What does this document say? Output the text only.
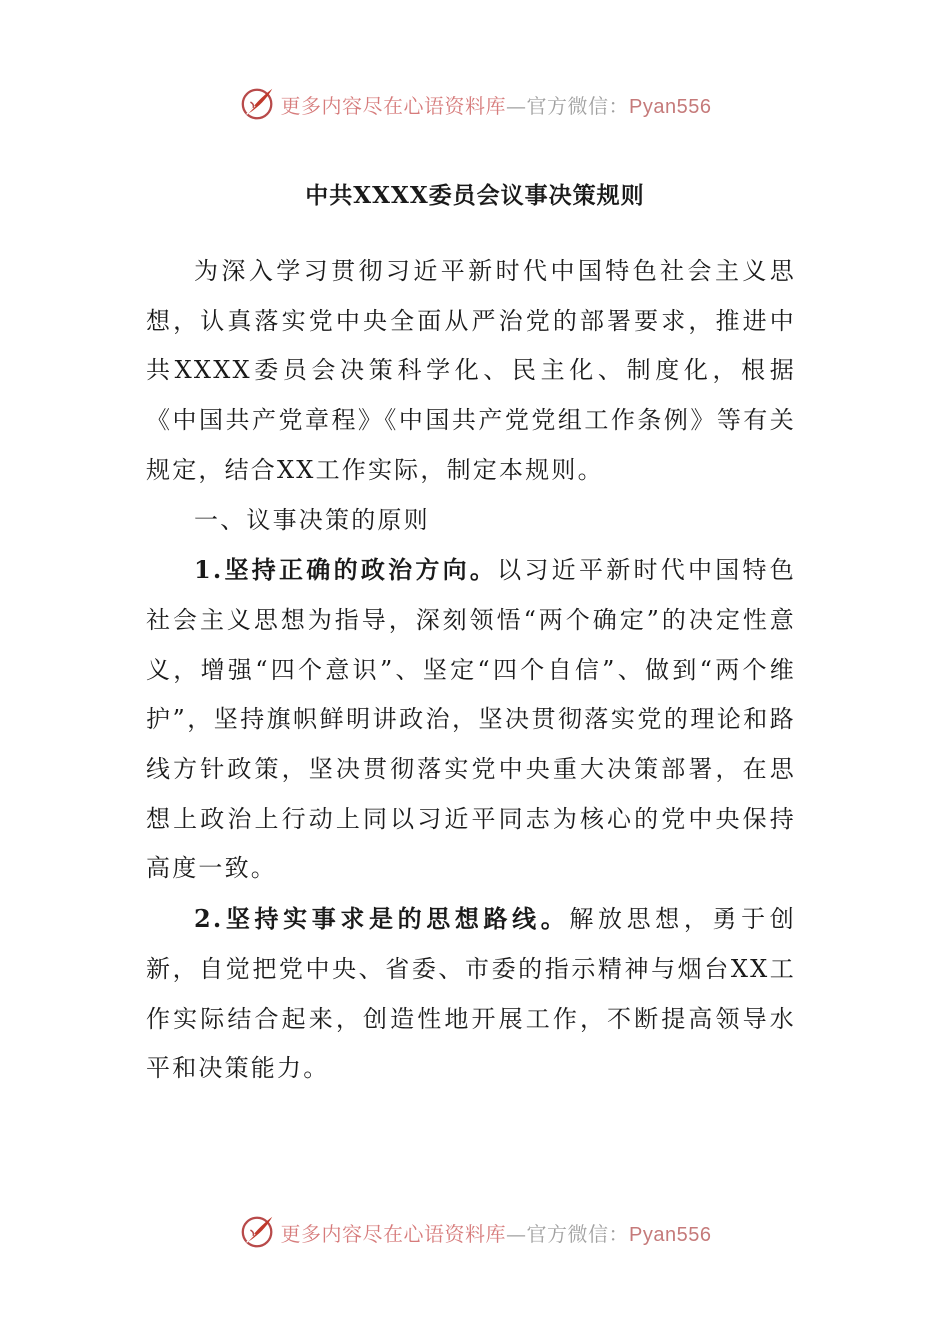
更多内容尽在心语资料库—官方微信：Pyan556
中共XXXX委员会议事决策规则

为深入学习贯彻习近平新时代中国特色社会主义思想，认真落实党中央全面从严治党的部署要求，推进中共XXXX委员会决策科学化、民主化、制度化，根据《中国共产党章程》《中国共产党党组工作条例》等有关规定，结合XX工作实际，制定本规则。

一、议事决策的原则

1.坚持正确的政治方向。以习近平新时代中国特色社会主义思想为指导，深刻领悟“两个确定”的决定性意义，增强“四个意识”、坚定“四个自信”、做到“两个维护”，坚持旗帜鲜明讲政治，坚决贯彻落实党的理论和路线方针政策，坚决贯彻落实党中央重大决策部署，在思想上政治上行动上同以习近平同志为核心的党中央保持高度一致。

2.坚持实事求是的思想路线。解放思想，勇于创新，自觉把党中央、省委、市委的指示精神与烟台XX工作实际结合起来，创造性地开展工作，不断提高领导水平和决策能力。

更多内容尽在心语资料库—官方微信：Pyan556
